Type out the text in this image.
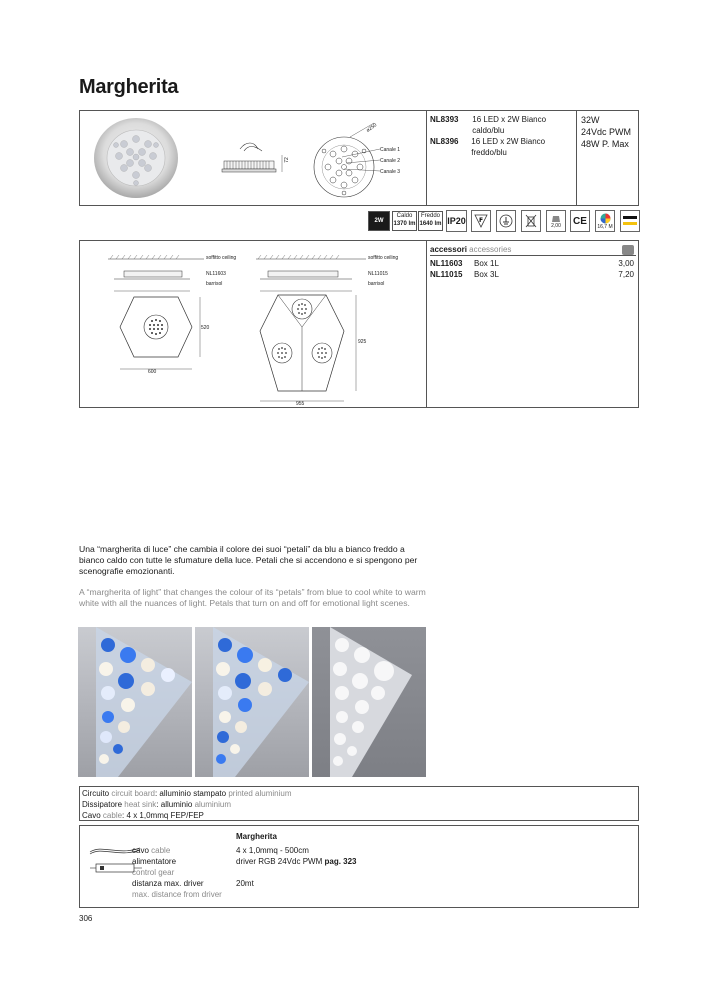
Margherita
72
ø250
Canale 1
Canale 2
Canale 3
NL8393	16 LED x 2W Bianco caldo/blu
NL8396	16 LED x 2W Bianco freddo/blu
32W
24Vdc PWM
48W P. Max
2W
Caldo
1370 lm
Freddo
1640 lm IP20 F
2,00	CE	16,7 M
soffitto ceiling
NL11603
barrisol
600
520
soffitto ceiling
NL11015
barrisol
955
925
accessori accessories
NL11603	Box 1L	3,00
NL11015	Box 3L	7,20
Una “margherita di luce” che cambia il colore dei suoi “petali” da blu a bianco freddo a bianco caldo con tutte le sfumature della luce. Petali che si accendono e si spengono per scenografie emozionanti.
A “margherita of light” that changes the colour of its “petals” from blue to cool white to warm white with all the nuances of light. Petals that turn on and off for emotional light scenes.
Circuito circuit board: alluminio stampato printed aluminium
Dissipatore heat sink: alluminio aluminium
Cavo cable: 4 x 1,0mmq FEP/FEP
Margherita
cavo cable	4 x 1,0mmq - 500cm
alimentatore	driver RGB 24Vdc PWM pag. 323
control gear
distanza max. driver	20mt
max. distance from driver
306
